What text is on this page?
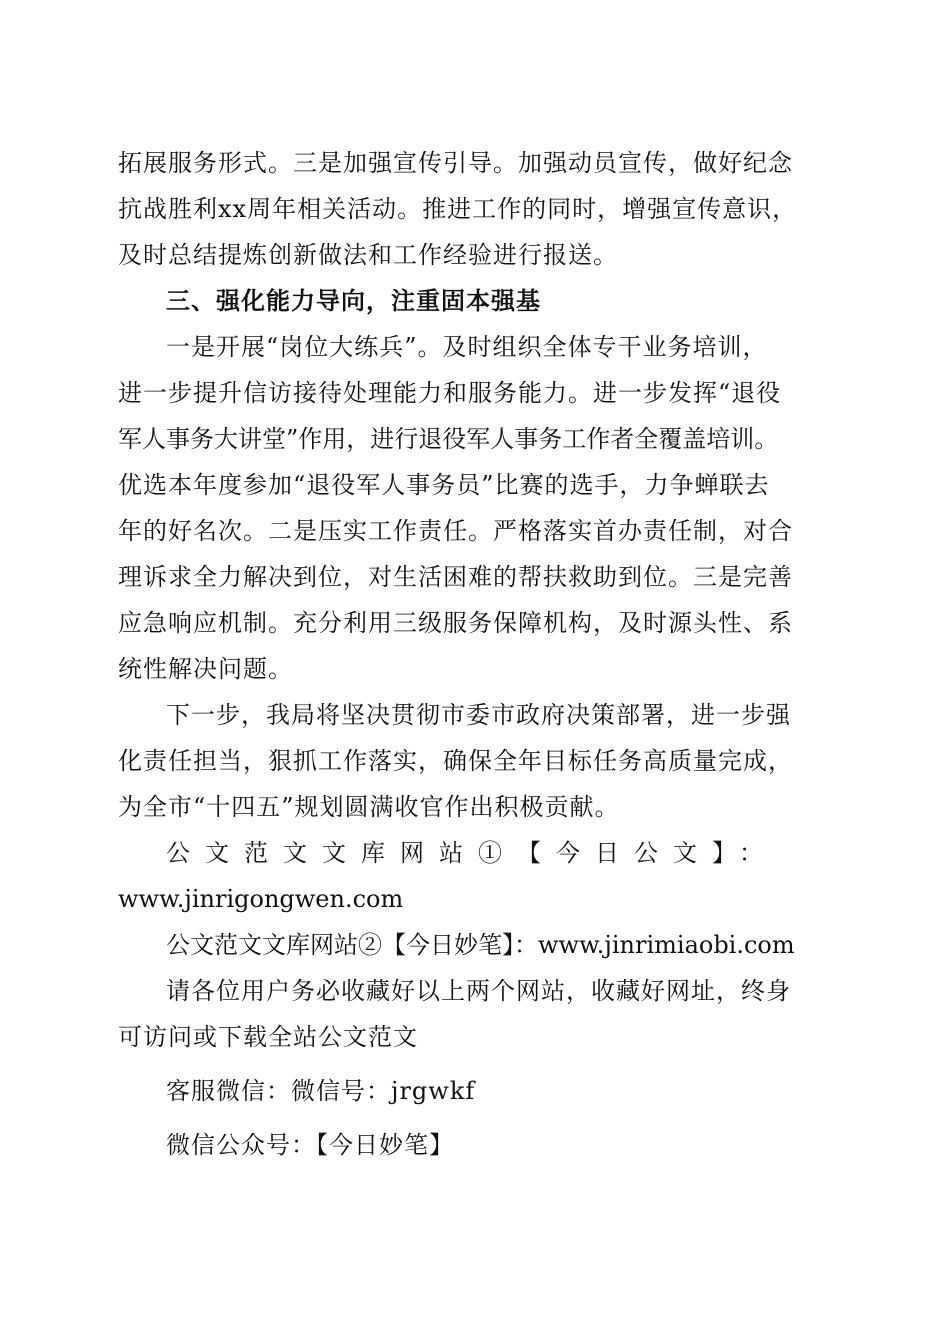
拓展服务形式。三是加强宣传引导。加强动员宣传，做好纪念
抗战胜利xx周年相关活动。推进工作的同时，增强宣传意识，
及时总结提炼创新做法和工作经验进行报送。
三、强化能力导向，注重固本强基
一是开展“岗位大练兵”。及时组织全体专干业务培训，
进一步提升信访接待处理能力和服务能力。进一步发挥“退役
军人事务大讲堂”作用，进行退役军人事务工作者全覆盖培训。
优选本年度参加“退役军人事务员”比赛的选手，力争蝉联去
年的好名次。二是压实工作责任。严格落实首办责任制，对合
理诉求全力解决到位，对生活困难的帮扶救助到位。三是完善
应急响应机制。充分利用三级服务保障机构，及时源头性、系
统性解决问题。
下一步，我局将坚决贯彻市委市政府决策部署，进一步强
化责任担当，狠抓工作落实，确保全年目标任务高质量完成，
为全市“十四五”规划圆满收官作出积极贡献。
公文范文文库网站①【今日公文】：
www.jinrigongwen.com
公文范文文库网站②【今日妙笔】：www.jinrimiaobi.com
请各位用户务必收藏好以上两个网站，收藏好网址，终身
可访问或下载全站公文范文
客服微信：微信号：jrgwkf
微信公众号：【今日妙笔】
